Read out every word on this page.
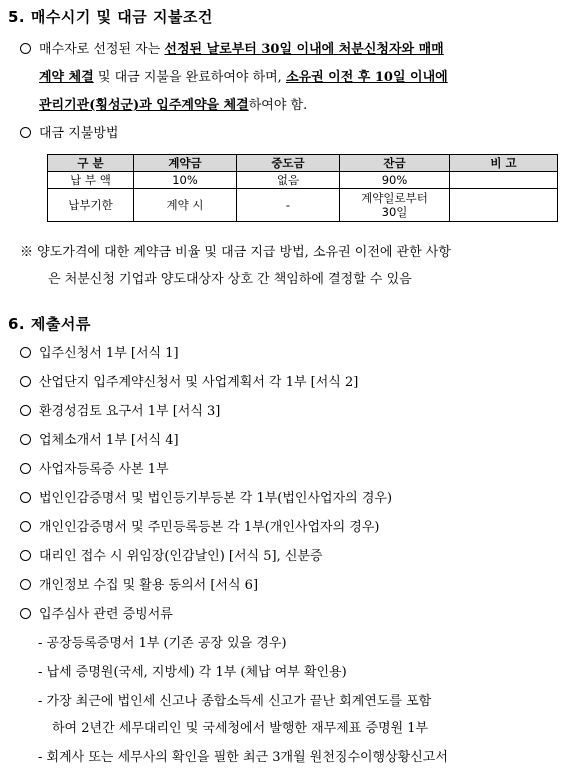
5. 매수시기 및 대금 지불조건
매수자로 선정된 자는 선정된 날로부터 30일 이내에 처분신청자와 매매
계약 체결 및 대금 지불을 완료하여야 하며, 소유권 이전 후 10일 이내에
관리기관(횡성군)과 입주계약을 체결하여야 함.
대금 지불방법
구 분	계약금	중도금	잔금	비 고
납 부 액	10%	없음	90%	
납부기한	계약 시	-	계약일로부터
30일	
※ 양도가격에 대한 계약금 비율 및 대금 지급 방법, 소유권 이전에 관한 사항
은 처분신청 기업과 양도대상자 상호 간 책임하에 결정할 수 있음
6. 제출서류
입주신청서 1부 [서식 1]
산업단지 입주계약신청서 및 사업계획서 각 1부 [서식 2]
환경성검토 요구서 1부 [서식 3]
업체소개서 1부 [서식 4]
사업자등록증 사본 1부
법인인감증명서 및 법인등기부등본 각 1부(법인사업자의 경우)
개인인감증명서 및 주민등록등본 각 1부(개인사업자의 경우)
대리인 접수 시 위임장(인감날인) [서식 5], 신분증
개인정보 수집 및 활용 동의서 [서식 6]
입주심사 관련 증빙서류
- 공장등록증명서 1부 (기존 공장 있을 경우)
- 납세 증명원(국세, 지방세) 각 1부 (체납 여부 확인용)
- 가장 최근에 법인세 신고나 종합소득세 신고가 끝난 회계연도를 포함
하여 2년간 세무대리인 및 국세청에서 발행한 재무제표 증명원 1부
- 회계사 또는 세무사의 확인을 필한 최근 3개월 원천징수이행상황신고서
